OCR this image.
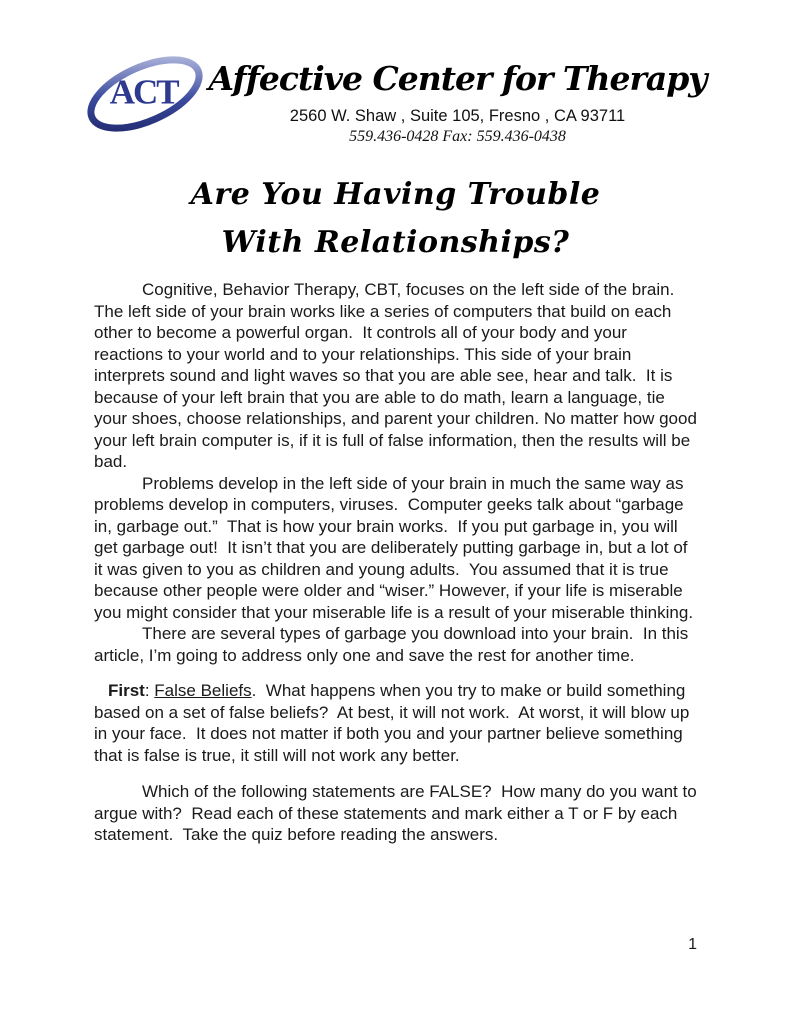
ACT Affective Center for Therapy
2560 W. Shaw , Suite 105, Fresno , CA 93711
559.436-0428 Fax: 559.436-0438
Are You Having Trouble
With Relationships?

Cognitive, Behavior Therapy, CBT, focuses on the left side of the brain.  The left side of your brain works like a series of computers that build on each other to become a powerful organ.  It controls all of your body and your reactions to your world and to your relationships. This side of your brain interprets sound and light waves so that you are able see, hear and talk.  It is because of your left brain that you are able to do math, learn a language, tie your shoes, choose relationships, and parent your children. No matter how good your left brain computer is, if it is full of false information, then the results will be bad.

Problems develop in the left side of your brain in much the same way as problems develop in computers, viruses.  Computer geeks talk about “garbage in, garbage out.”  That is how your brain works.  If you put garbage in, you will get garbage out!  It isn’t that you are deliberately putting garbage in, but a lot of it was given to you as children and young adults.  You assumed that it is true because other people were older and “wiser.” However, if your life is miserable you might consider that your miserable life is a result of your miserable thinking.

There are several types of garbage you download into your brain.  In this article, I’m going to address only one and save the rest for another time.

First: False Beliefs.  What happens when you try to make or build something based on a set of false beliefs?  At best, it will not work.  At worst, it will blow up in your face.  It does not matter if both you and your partner believe something that is false is true, it still will not work any better.

Which of the following statements are FALSE?  How many do you want to argue with?  Read each of these statements and mark either a T or F by each statement.  Take the quiz before reading the answers.

1
